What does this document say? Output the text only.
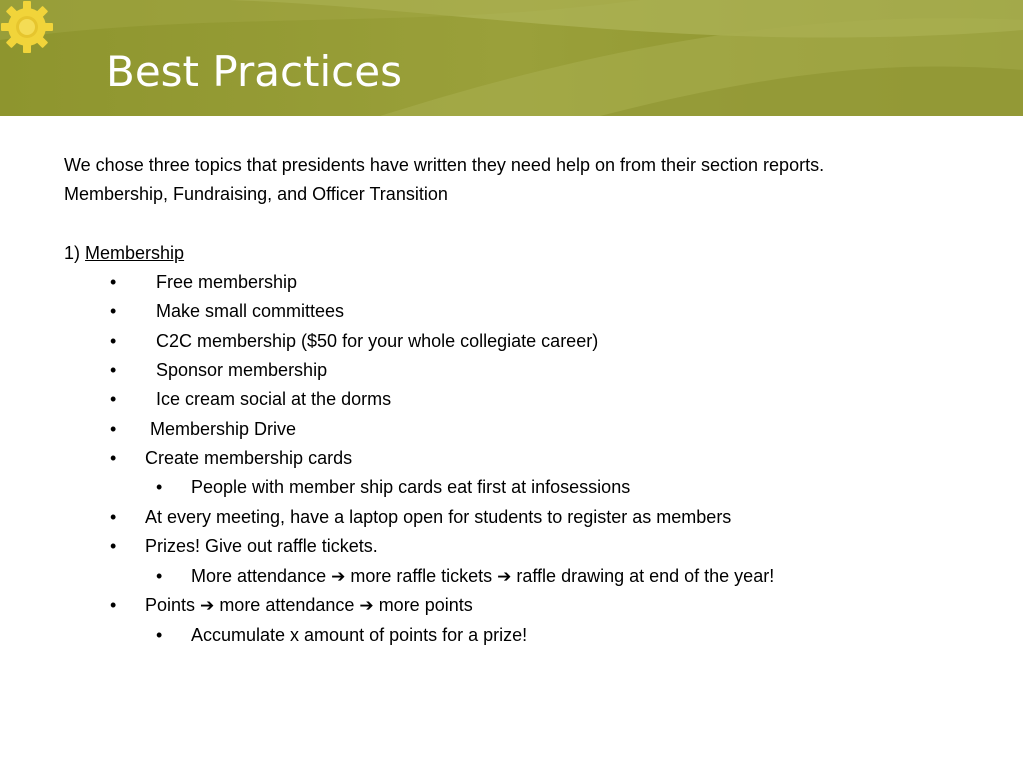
Best Practices
We chose three topics that presidents have written they need help on from their section reports.
Membership, Fundraising, and Officer Transition
1) Membership
• Free membership
• Make small committees
• C2C membership ($50 for your whole collegiate career)
• Sponsor membership
• Ice cream social at the dorms
• Membership Drive
• Create membership cards
• People with member ship cards eat first at infosessions
• At every meeting, have a laptop open for students to register as members
• Prizes! Give out raffle tickets.
• More attendance ➔ more raffle tickets ➔ raffle drawing at end of the year!
• Points ➔ more attendance ➔ more points
• Accumulate x amount of points for a prize!
